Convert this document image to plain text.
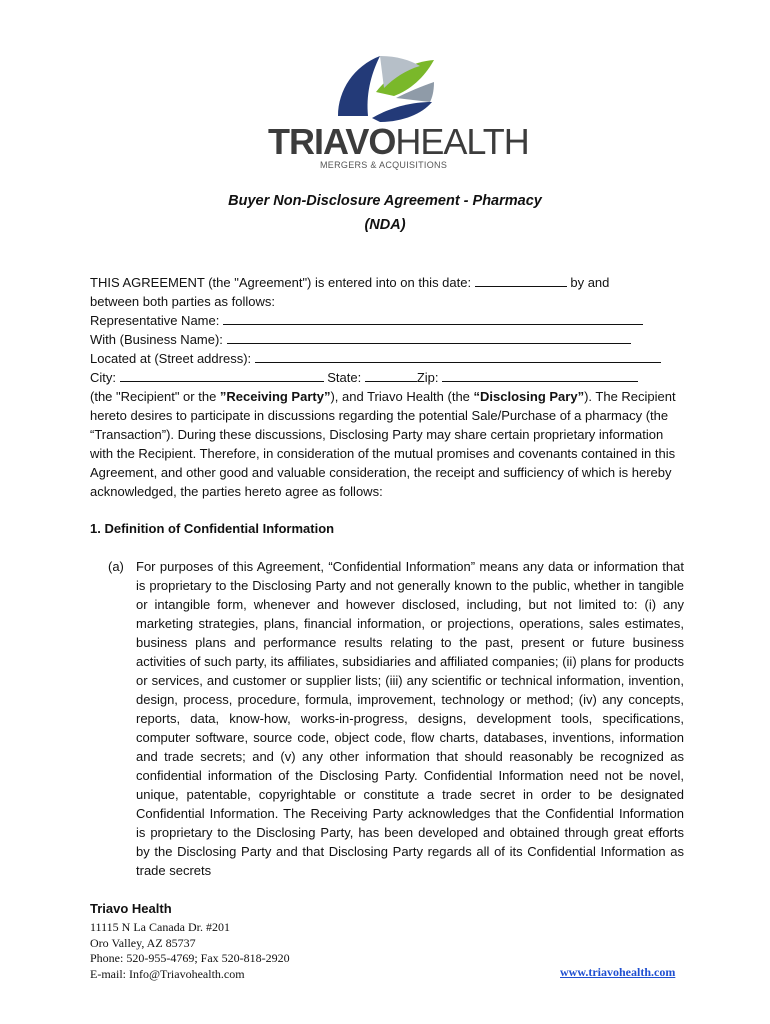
TRIAVOHEALTH
MERGERS & ACQUISITIONS
Buyer Non-Disclosure Agreement - Pharmacy
(NDA)
THIS AGREEMENT (the "Agreement") is entered into on this date:	by and
between both parties as follows:
Representative Name:
With (Business Name):
Located at (Street address):
City:	State:	Zip:
(the "Recipient" or the ”Receiving Party”), and Triavo Health (the “Disclosing Pary”). The Recipient hereto desires to participate in discussions regarding the potential Sale/Purchase of a pharmacy (the “Transaction”). During these discussions, Disclosing Party may share certain proprietary information with the Recipient. Therefore, in consideration of the mutual promises and covenants contained in this Agreement, and other good and valuable consideration, the receipt and sufficiency of which is hereby acknowledged, the parties hereto agree as follows:
1. Definition of Confidential Information
(a) For purposes of this Agreement, “Confidential Information” means any data or information that is proprietary to the Disclosing Party and not generally known to the public, whether in tangible or intangible form, whenever and however disclosed, including, but not limited to: (i) any marketing strategies, plans, financial information, or projections, operations, sales estimates, business plans and performance results relating to the past, present or future business activities of such party, its affiliates, subsidiaries and affiliated companies; (ii) plans for products or services, and customer or supplier lists; (iii) any scientific or technical information, invention, design, process, procedure, formula, improvement, technology or method; (iv) any concepts, reports, data, know-how, works-in-progress, designs, development tools, specifications, computer software, source code, object code, flow charts, databases, inventions, information and trade secrets; and (v) any other information that should reasonably be recognized as confidential information of the Disclosing Party. Confidential Information need not be novel, unique, patentable, copyrightable or constitute a trade secret in order to be designated Confidential Information. The Receiving Party acknowledges that the Confidential Information is proprietary to the Disclosing Party, has been developed and obtained through great efforts by the Disclosing Party and that Disclosing Party regards all of its Confidential Information as trade secrets
Triavo Health
11115 N La Canada Dr. #201
Oro Valley, AZ 85737
Phone: 520-955-4769; Fax 520-818-2920
E-mail: Info@Triavohealth.com	www.triavohealth.com
